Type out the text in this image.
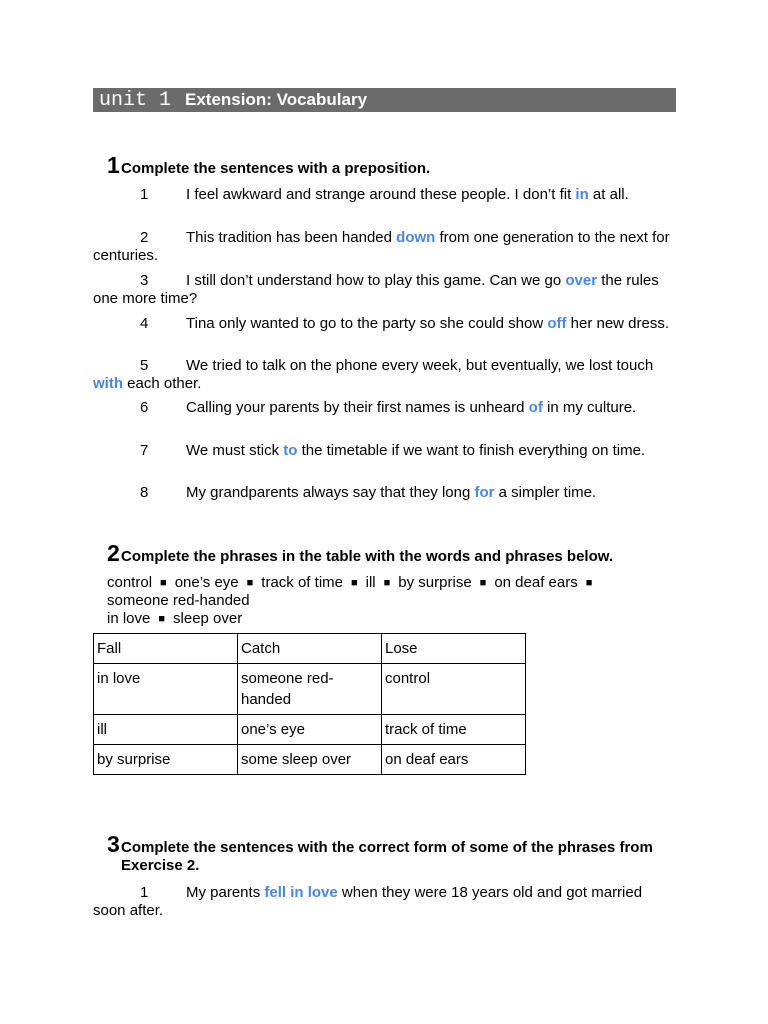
unit 1 Extension: Vocabulary
1 Complete the sentences with a preposition.
1	I feel awkward and strange around these people. I don’t fit in at all.
2	This tradition has been handed down from one generation to the next for centuries.
3	I still don’t understand how to play this game. Can we go over the rules one more time?
4	Tina only wanted to go to the party so she could show off her new dress.
5	We tried to talk on the phone every week, but eventually, we lost touch with each other.
6	Calling your parents by their first names is unheard of in my culture.
7	We must stick to the timetable if we want to finish everything on time.
8	My grandparents always say that they long for a simpler time.
2 Complete the phrases in the table with the words and phrases below.
control ■ one’s eye ■ track of time ■ ill ■ by surprise ■ on deaf ears ■
someone red-handed
in love ■ sleep over
Fall	Catch	Lose
in love	someone red-handed	control
ill	one’s eye	track of time
by surprise	some sleep over	on deaf ears
3 Complete the sentences with the correct form of some of the phrases from Exercise 2.
1	My parents fell in love when they were 18 years old and got married soon after.
